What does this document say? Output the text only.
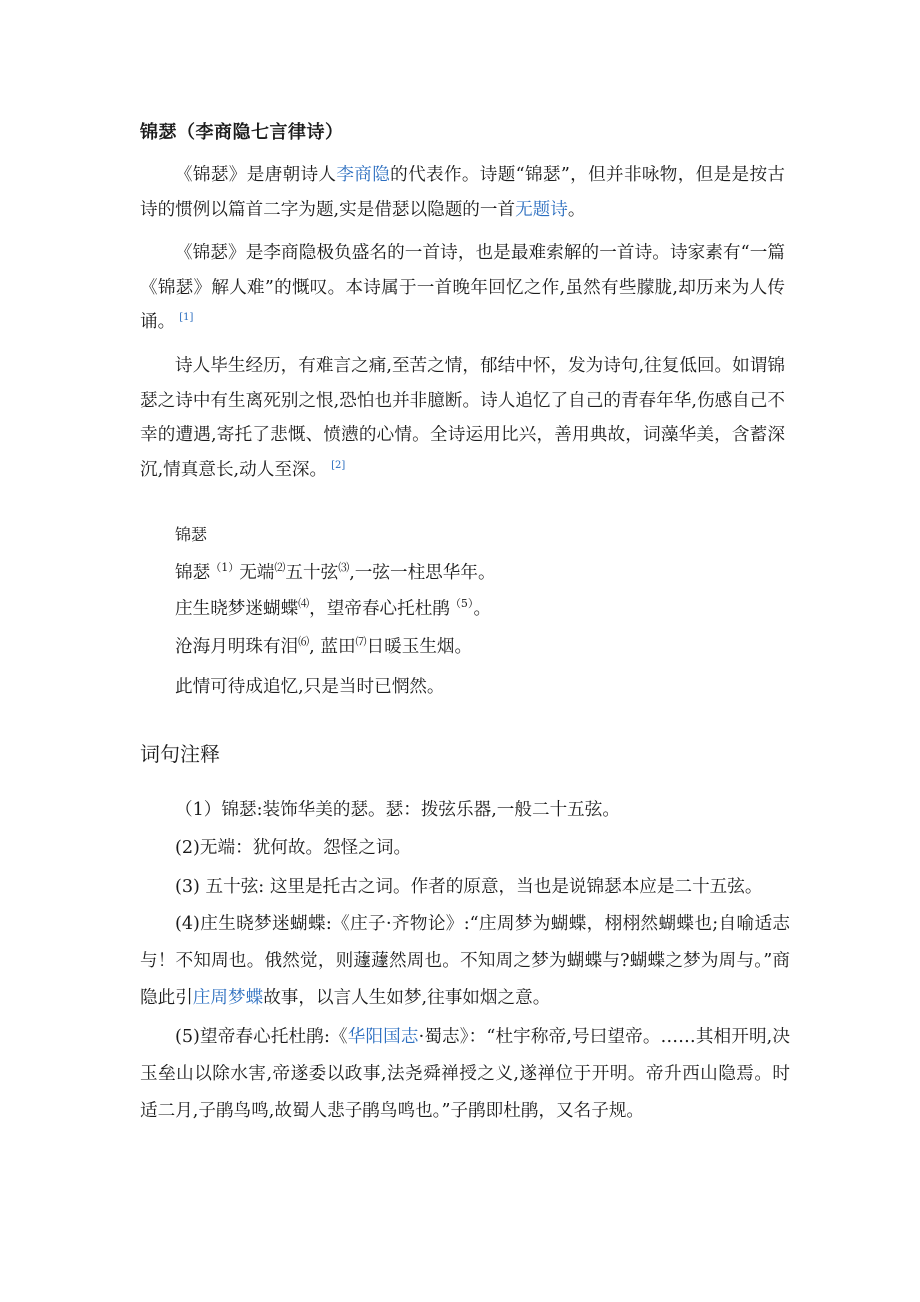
锦瑟（李商隐七言律诗）

《锦瑟》是唐朝诗人李商隐的代表作。诗题“锦瑟”，但并非咏物，但是是按古诗的惯例以篇首二字为题,实是借瑟以隐题的一首无题诗。

《锦瑟》是李商隐极负盛名的一首诗，也是最难索解的一首诗。诗家素有“一篇《锦瑟》解人难”的慨叹。本诗属于一首晚年回忆之作,虽然有些朦胧,却历来为人传诵。 [1]

诗人毕生经历，有难言之痛,至苦之情，郁结中怀，发为诗句,往复低回。如谓锦瑟之诗中有生离死别之恨,恐怕也并非臆断。诗人追忆了自己的青春年华,伤感自己不幸的遭遇,寄托了悲慨、愤懑的心情。全诗运用比兴，善用典故，词藻华美，含蓄深沉,情真意长,动人至深。 [2]

锦瑟
锦瑟$^{(1)}$无端⑵五十弦⑶,一弦一柱思华年。
庄生晓梦迷蝴蝶⑷，望帝春心托杜鹃$^{(5)}$。
沧海月明珠有泪⑹, 蓝田⑺日暖玉生烟。
此情可待成追忆,只是当时已惘然。
词句注释

（1）锦瑟:装饰华美的瑟。瑟：拨弦乐器,一般二十五弦。

(2)无端：犹何故。怨怪之词。

(3) 五十弦: 这里是托古之词。作者的原意，当也是说锦瑟本应是二十五弦。

(4)庄生晓梦迷蝴蝶:《庄子·齐物论》:“庄周梦为蝴蝶，栩栩然蝴蝶也;自喻适志与！不知周也。俄然觉，则蘧蘧然周也。不知周之梦为蝴蝶与?蝴蝶之梦为周与。”商隐此引庄周梦蝶故事，以言人生如梦,往事如烟之意。

(5)望帝春心托杜鹃:《华阳国志·蜀志》：“杜宇称帝,号曰望帝。……其相开明,决玉垒山以除水害,帝遂委以政事,法尧舜禅授之义,遂禅位于开明。帝升西山隐焉。时适二月,子鹃鸟鸣,故蜀人悲子鹃鸟鸣也。”子鹃即杜鹃，又名子规。
